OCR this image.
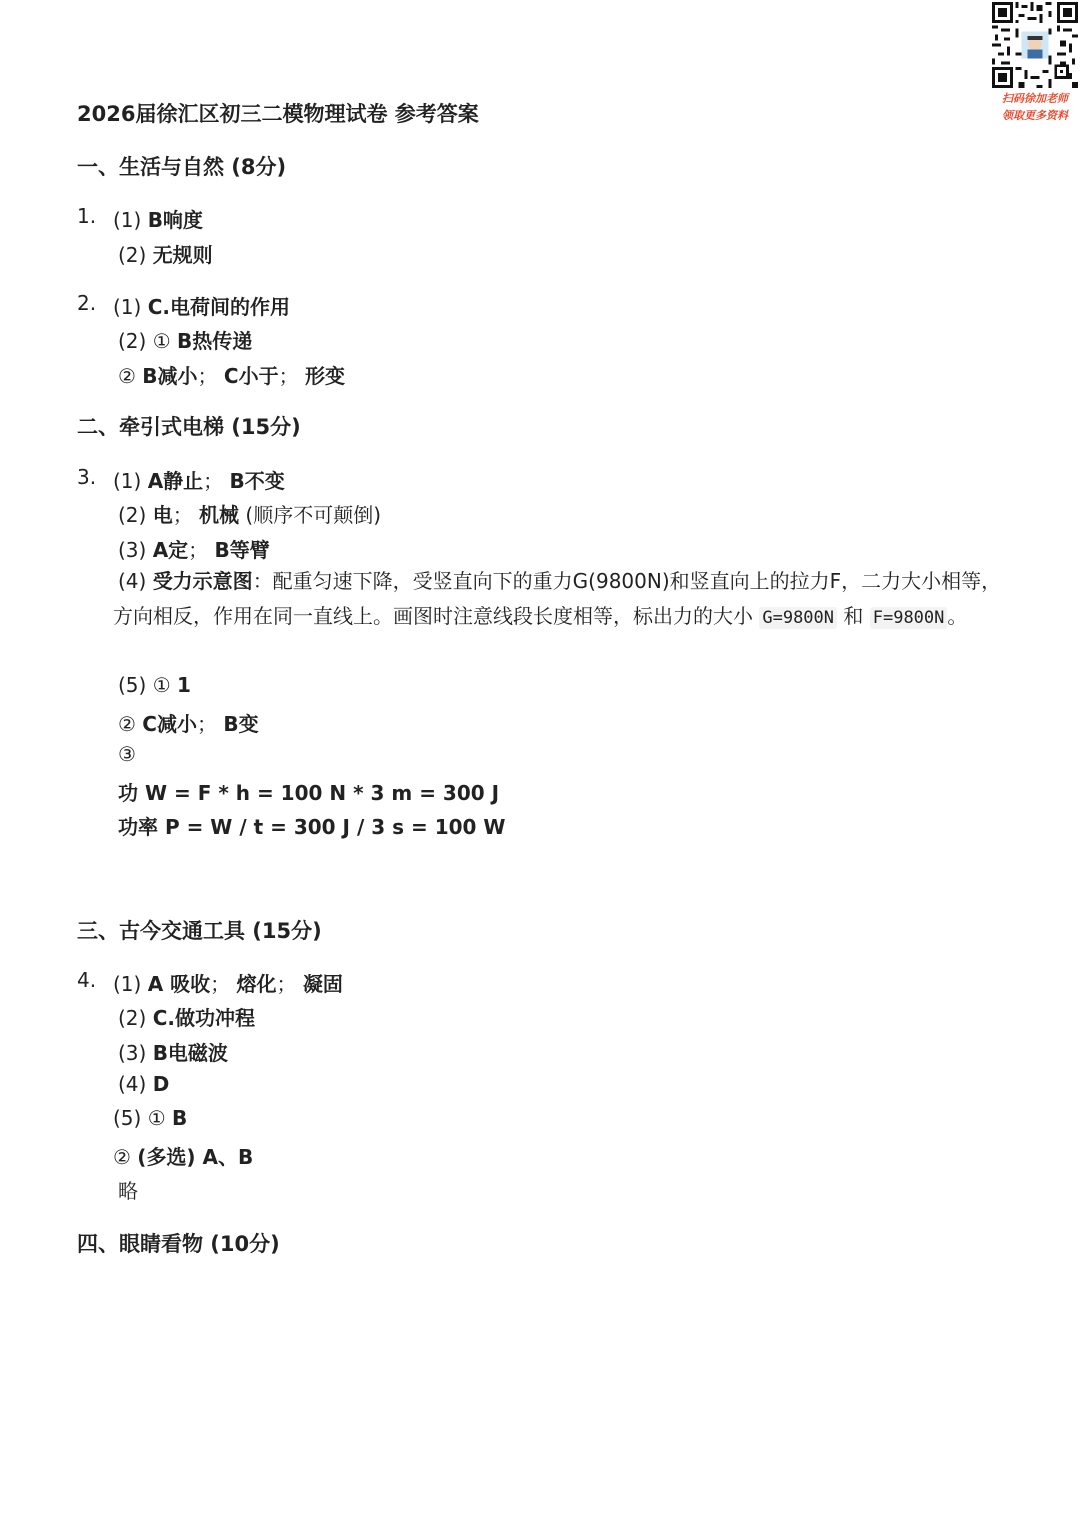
扫码徐加老师
领取更多资料
2026届徐汇区初三二模物理试卷 参考答案
一、生活与自然 (8分)
1. (1) B响度
(2) 无规则
2. (1) C.电荷间的作用
(2) ① B热传递
② B减小； C小于； 形变
二、牵引式电梯 (15分)
3. (1) A静止； B不变
(2) 电； 机械 (顺序不可颠倒)
(3) A定； B等臂
(4) 受力示意图：配重匀速下降，受竖直向下的重力G(9800N)和竖直向上的拉力F，二力大小相等，方向相反，作用在同一直线上。画图时注意线段长度相等，标出力的大小 G=9800N 和 F=9800N 。
(5) ① 1
② C减小； B变
③
功 W = F * h = 100 N * 3 m = 300 J
功率 P = W / t = 300 J / 3 s = 100 W
三、古今交通工具 (15分)
4. (1) A 吸收； 熔化； 凝固
(2) C.做功冲程
(3) B电磁波
(4) D
(5) ① B
② (多选) A、B
略
四、眼睛看物 (10分)
